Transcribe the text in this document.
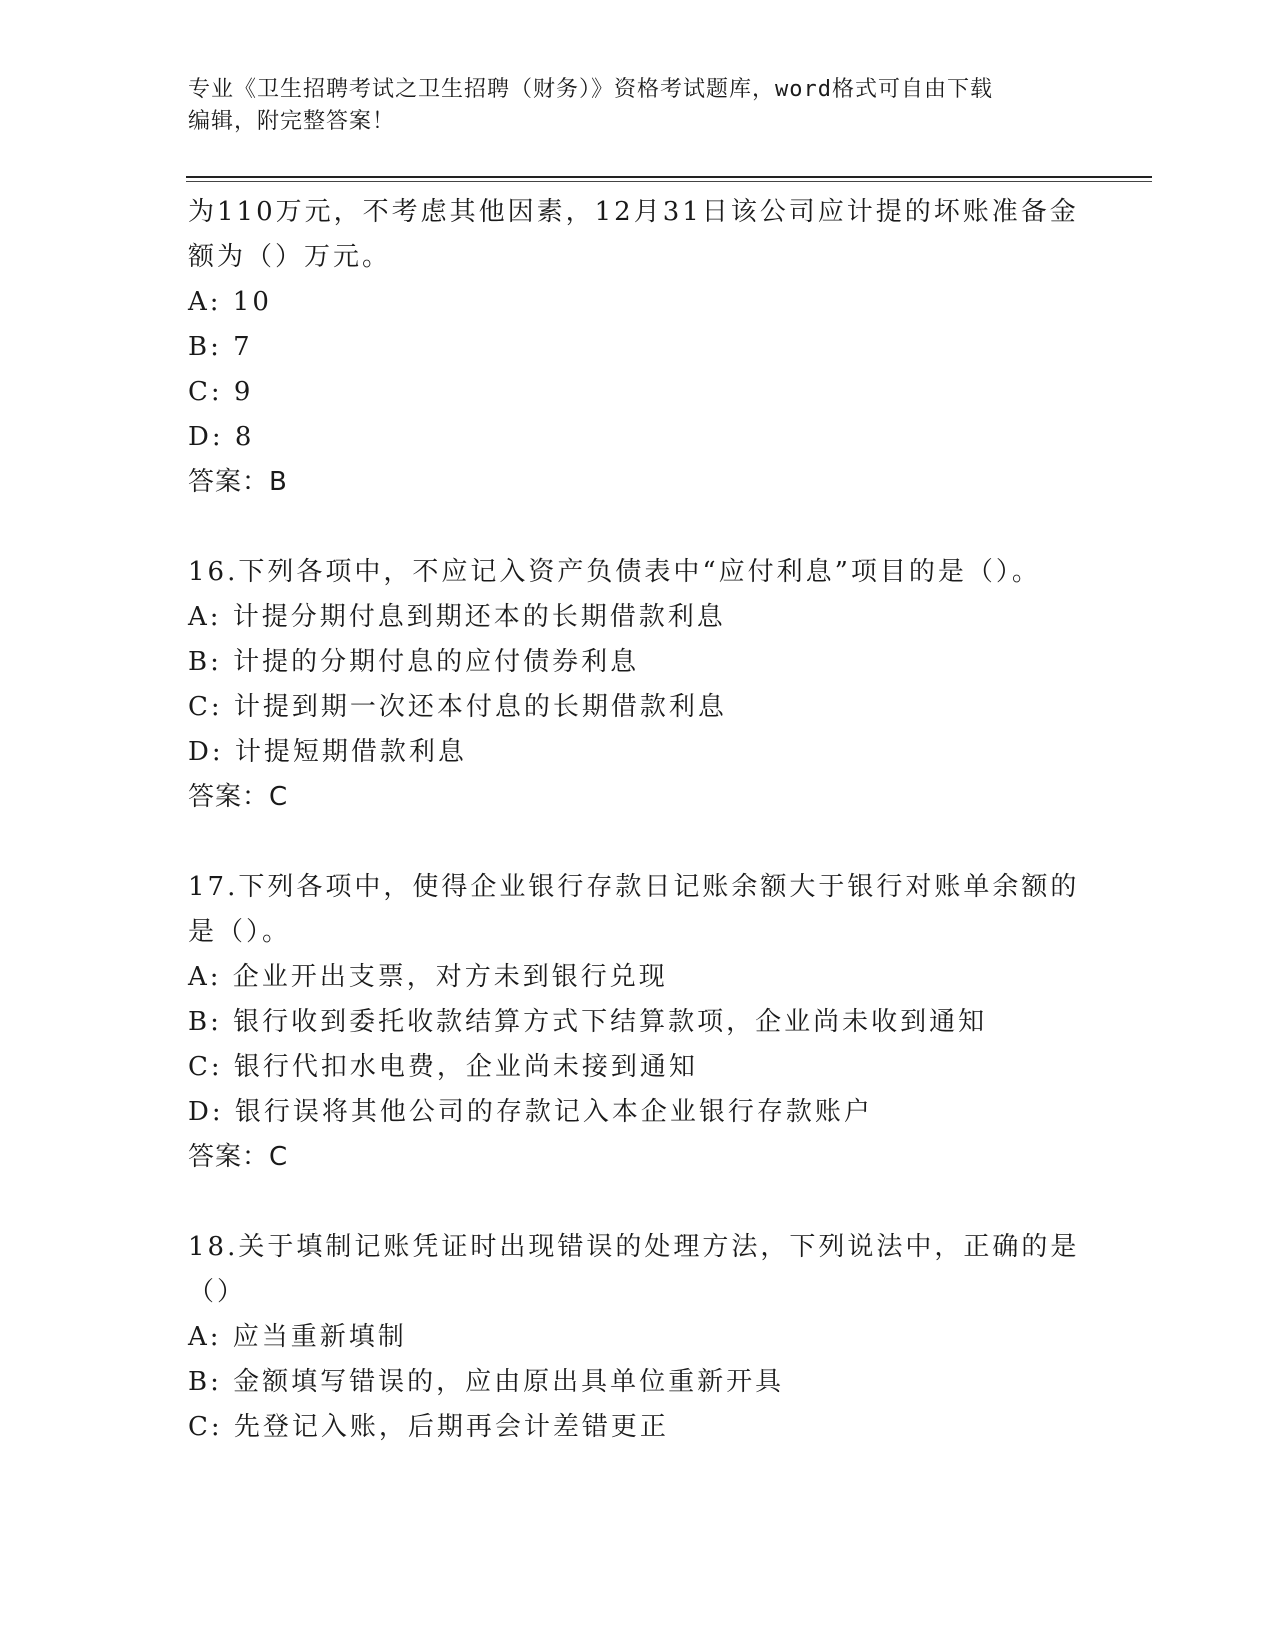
专业《卫生招聘考试之卫生招聘（财务）》资格考试题库，word格式可自由下载
编辑，附完整答案！
为110万元，不考虑其他因素，12月31日该公司应计提的坏账准备金
额为（）万元。
A: 10
B: 7
C: 9
D: 8
答案：B
16.下列各项中，不应记入资产负债表中“应付利息”项目的是（）。
A: 计提分期付息到期还本的长期借款利息
B: 计提的分期付息的应付债券利息
C: 计提到期一次还本付息的长期借款利息
D: 计提短期借款利息
答案：C
17.下列各项中，使得企业银行存款日记账余额大于银行对账单余额的
是（）。
A: 企业开出支票，对方未到银行兑现
B: 银行收到委托收款结算方式下结算款项，企业尚未收到通知
C: 银行代扣水电费，企业尚未接到通知
D: 银行误将其他公司的存款记入本企业银行存款账户
答案：C
18.关于填制记账凭证时出现错误的处理方法，下列说法中，正确的是
（）
A: 应当重新填制
B: 金额填写错误的，应由原出具单位重新开具
C: 先登记入账，后期再会计差错更正
